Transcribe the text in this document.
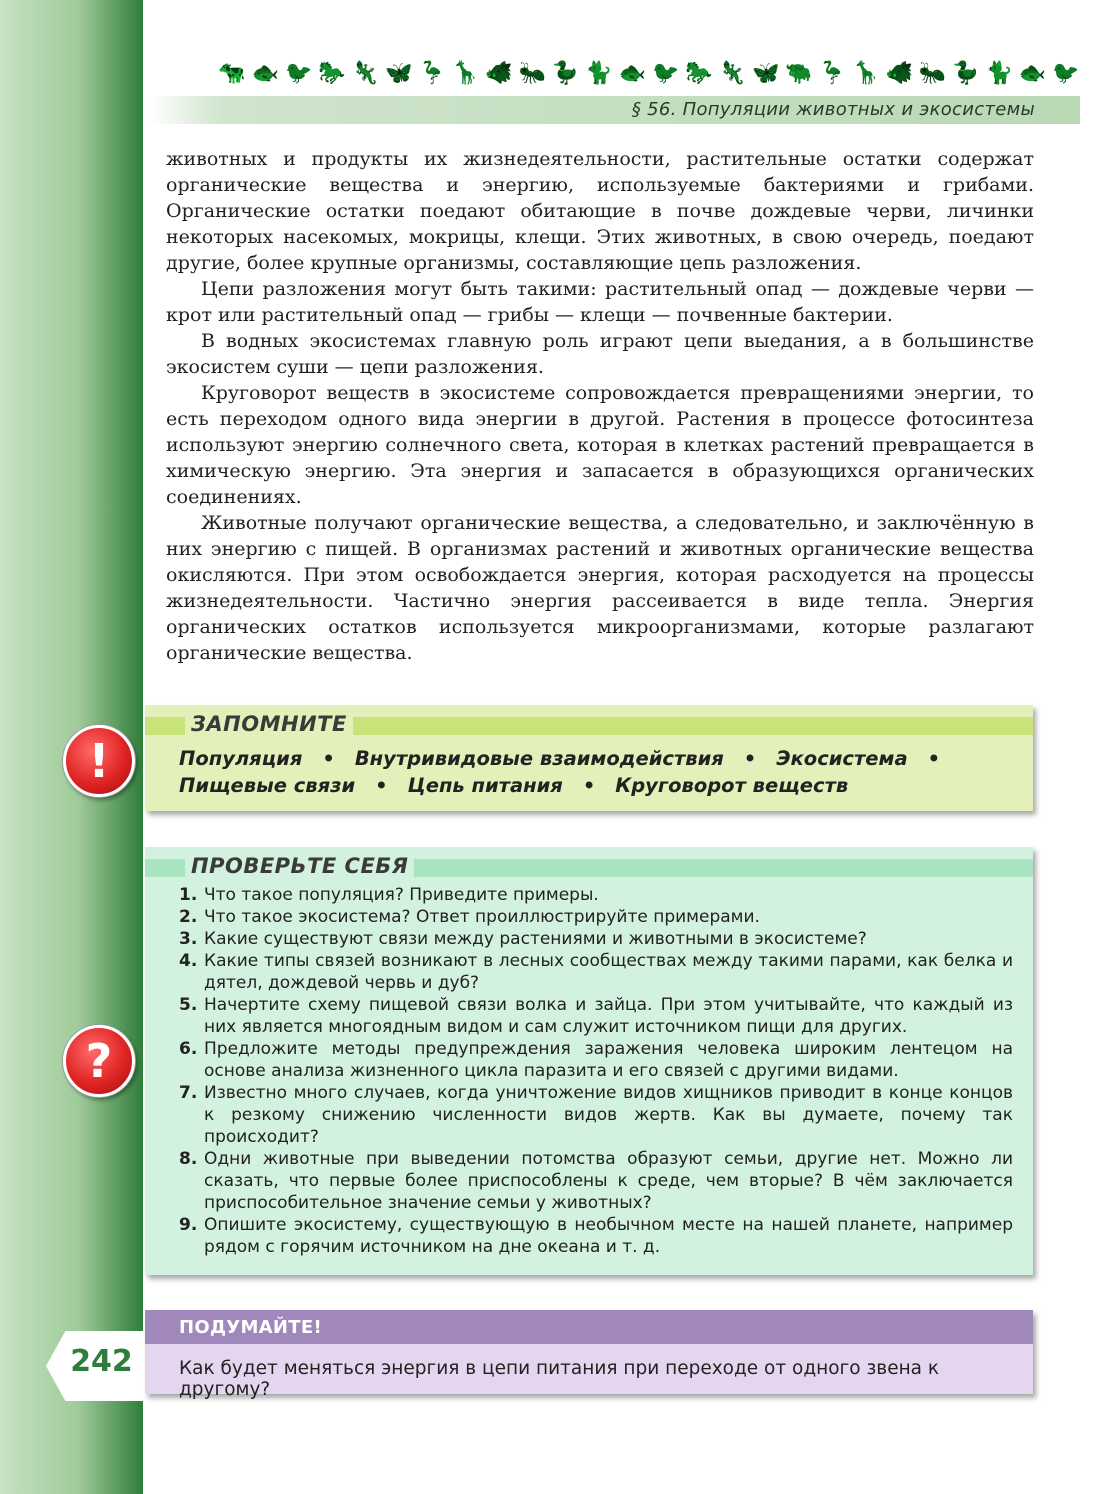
🐄 🐟 🐦 🐎 🦎 🦋 🦩 🦒 🐗 🐜 🦆 🐈 🐟 🐦 🐎 🦎 🦋 🐃 🦩 🦒 🐗 🐜 🦆 🐈 🐟 🐦
§ 56. Популяции животных и экосистемы

животных и продукты их жизнедеятельности, растительные остатки содержат органические вещества и энергию, используемые бактериями и грибами. Органические остатки поедают обитающие в почве дождевые черви, личинки некоторых насекомых, мокрицы, клещи. Этих животных, в свою очередь, поедают другие, более крупные организмы, составляющие цепь разложения.

Цепи разложения могут быть такими: растительный опад — дождевые черви — крот или растительный опад — грибы — клещи — почвенные бактерии.

В водных экосистемах главную роль играют цепи выедания, а в большинстве экосистем суши — цепи разложения.

Круговорот веществ в экосистеме сопровождается превращениями энергии, то есть переходом одного вида энергии в другой. Растения в процессе фотосинтеза используют энергию солнечного света, которая в клетках растений превращается в химическую энергию. Эта энергия и запасается в образующихся органических соединениях.

Животные получают органические вещества, а следовательно, и заключённую в них энергию с пищей. В организмах растений и животных органические вещества окисляются. При этом освобождается энергия, которая расходуется на процессы жизнедеятельности. Частично энергия рассеивается в виде тепла. Энергия органических остатков используется микроорганизмами, которые разлагают органические вещества.

ЗАПОМНИТЕ
Популяция • Внутривидовые взаимодействия • Экосистема •
Пищевые связи • Цепь питания • Круговорот веществ
!
ПРОВЕРЬТЕ СЕБЯ
1. Что такое популяция? Приведите примеры.
2. Что такое экосистема? Ответ проиллюстрируйте примерами.
3. Какие существуют связи между растениями и животными в экосистеме?
4. Какие типы связей возникают в лесных сообществах между такими парами, как белка и дятел, дождевой червь и дуб?
5. Начертите схему пищевой связи волка и зайца. При этом учитывайте, что каждый из них является многоядным видом и сам служит источником пищи для других.
6. Предложите методы предупреждения заражения человека широким лентецом на основе анализа жизненного цикла паразита и его связей с другими видами.
7. Известно много случаев, когда уничтожение видов хищников приводит в конце концов к резкому снижению численности видов жертв. Как вы думаете, почему так происходит?
8. Одни животные при выведении потомства образуют семьи, другие нет. Можно ли сказать, что первые более приспособлены к среде, чем вторые? В чём заключается приспособительное значение семьи у животных?
9. Опишите экосистему, существующую в необычном месте на нашей планете, например рядом с горячим источником на дне океана и т. д.
?
ПОДУМАЙТЕ!
Как будет меняться энергия в цепи питания при переходе от одного звена к другому?
242
